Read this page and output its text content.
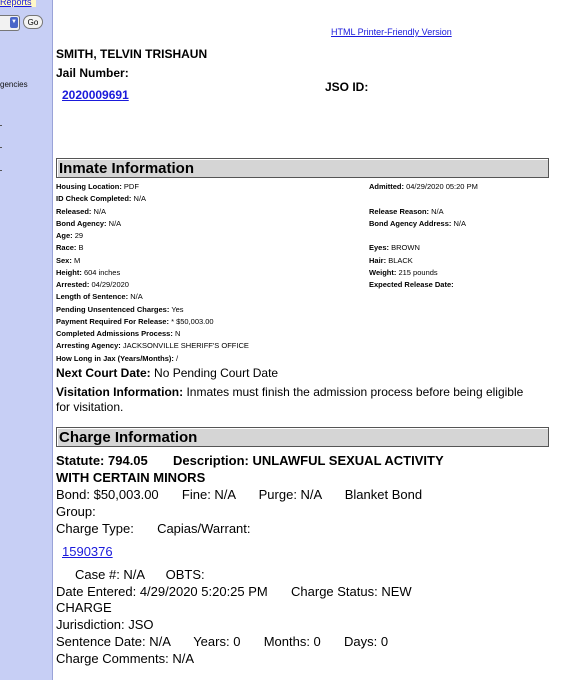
Reports
▼	Go
gencies
HTML Printer-Friendly Version
SMITH, TELVIN TRISHAUN
Jail Number:
2020009691
JSO ID:
Inmate Information
Housing Location: PDF
ID Check Completed: N/A
Released: N/A
Bond Agency: N/A
Age: 29
Race: B
Sex: M
Height: 604 inches
Arrested: 04/29/2020
Length of Sentence: N/A
Pending Unsentenced Charges: Yes
Payment Required For Release: * $50,003.00
Completed Admissions Process: N
Arresting Agency: JACKSONVILLE SHERIFF'S OFFICE
How Long in Jax (Years/Months): /
Admitted: 04/29/2020 05:20 PM
Release Reason: N/A
Bond Agency Address: N/A
Eyes: BROWN
Hair: BLACK
Weight: 215 pounds
Expected Release Date:
Next Court Date: No Pending Court Date
Visitation Information: Inmates must finish the admission process before being eligible
for visitation.
Charge Information
Statute: 794.05 Description: UNLAWFUL SEXUAL ACTIVITY
WITH CERTAIN MINORS
Bond: $50,003.00 Fine: N/A Purge: N/A Blanket Bond
Group:
Charge Type: Capias/Warrant:
1590376
Case #: N/A OBTS:
Date Entered: 4/29/2020 5:20:25 PM Charge Status: NEW
CHARGE
Jurisdiction: JSO
Sentence Date: N/A Years: 0 Months: 0 Days: 0
Charge Comments: N/A
